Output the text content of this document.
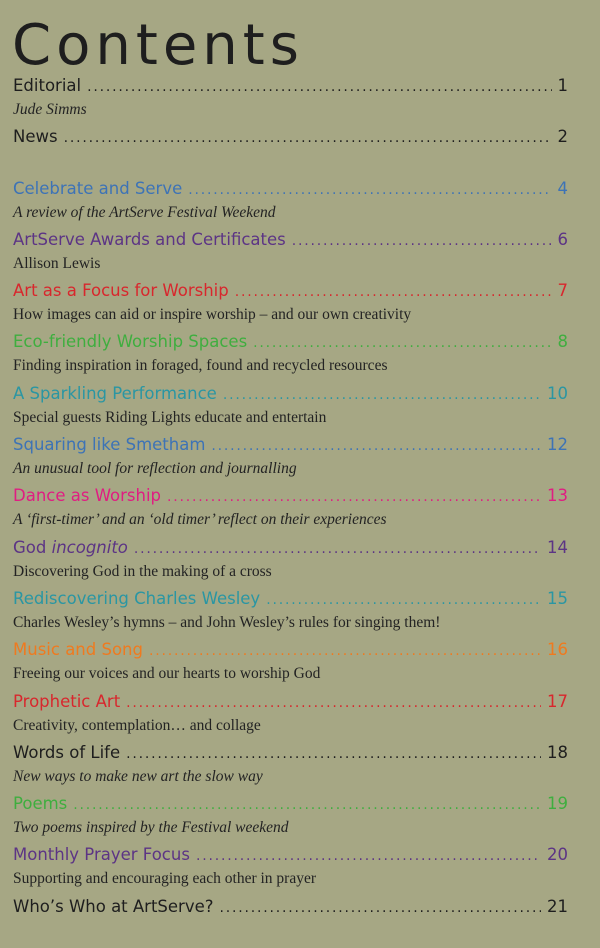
Contents
Editorial .....	1
Jude Simms
News .....	2
Celebrate and Serve .....	4
A review of the ArtServe Festival Weekend
ArtServe Awards and Certificates .....	6
Allison Lewis
Art as a Focus for Worship .....	7
How images can aid or inspire worship – and our own creativity
Eco-friendly Worship Spaces .....	8
Finding inspiration in foraged, found and recycled resources
A Sparkling Performance .....	10
Special guests Riding Lights educate and entertain
Squaring like Smetham .....	12
An unusual tool for reflection and journalling
Dance as Worship .....	13
A ‘first-timer’ and an ‘old timer’ reflect on their experiences
God incognito .....	14
Discovering God in the making of a cross
Rediscovering Charles Wesley .....	15
Charles Wesley’s hymns – and John Wesley’s rules for singing them!
Music and Song .....	16
Freeing our voices and our hearts to worship God
Prophetic Art .....	17
Creativity, contemplation… and collage
Words of Life .....	18
New ways to make new art the slow way
Poems .....	19
Two poems inspired by the Festival weekend
Monthly Prayer Focus .....	20
Supporting and encouraging each other in prayer
Who’s Who at ArtServe? .....	21
